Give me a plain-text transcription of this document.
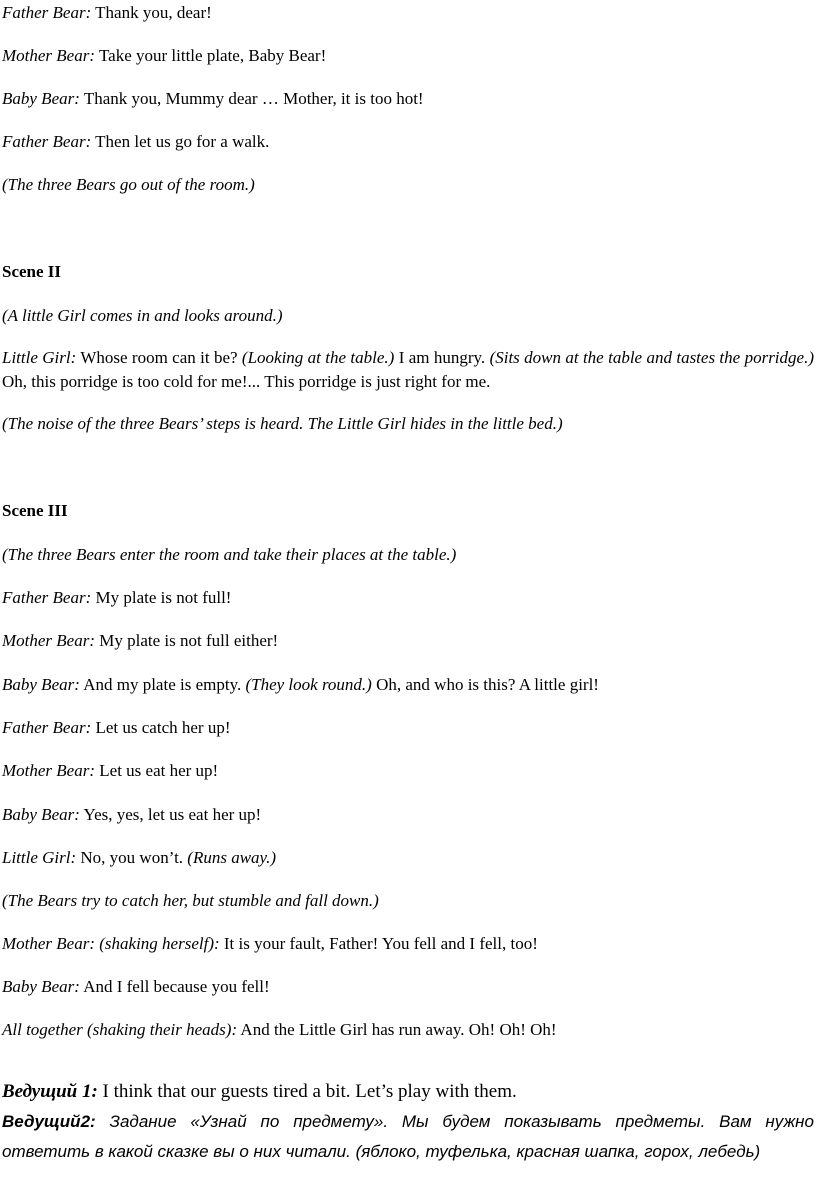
Father Bear: Thank you, dear!
Mother Bear: Take your little plate, Baby Bear!
Baby Bear: Thank you, Mummy dear … Mother, it is too hot!
Father Bear: Then let us go for a walk.
(The three Bears go out of the room.)
Scene II
(A little Girl comes in and looks around.)
Little Girl: Whose room can it be? (Looking at the table.) I am hungry. (Sits down at the table and tastes the porridge.) Oh, this porridge is too cold for me!... This porridge is just right for me.
(The noise of the three Bears’ steps is heard. The Little Girl hides in the little bed.)
Scene III
(The three Bears enter the room and take their places at the table.)
Father Bear: My plate is not full!
Mother Bear: My plate is not full either!
Baby Bear: And my plate is empty. (They look round.) Oh, and who is this? A little girl!
Father Bear: Let us catch her up!
Mother Bear: Let us eat her up!
Baby Bear: Yes, yes, let us eat her up!
Little Girl: No, you won’t. (Runs away.)
(The Bears try to catch her, but stumble and fall down.)
Mother Bear: (shaking herself): It is your fault, Father! You fell and I fell, too!
Baby Bear: And I fell because you fell!
All together (shaking their heads): And the Little Girl has run away. Oh! Oh! Oh!
Ведущий 1: I think that our guests tired a bit. Let’s play with them.
Ведущий2: Задание «Узнай по предмету». Мы будем показывать предметы. Вам нужно ответить в какой сказке вы о них читали. (яблоко, туфелька, красная шапка, горох, лебедь)
